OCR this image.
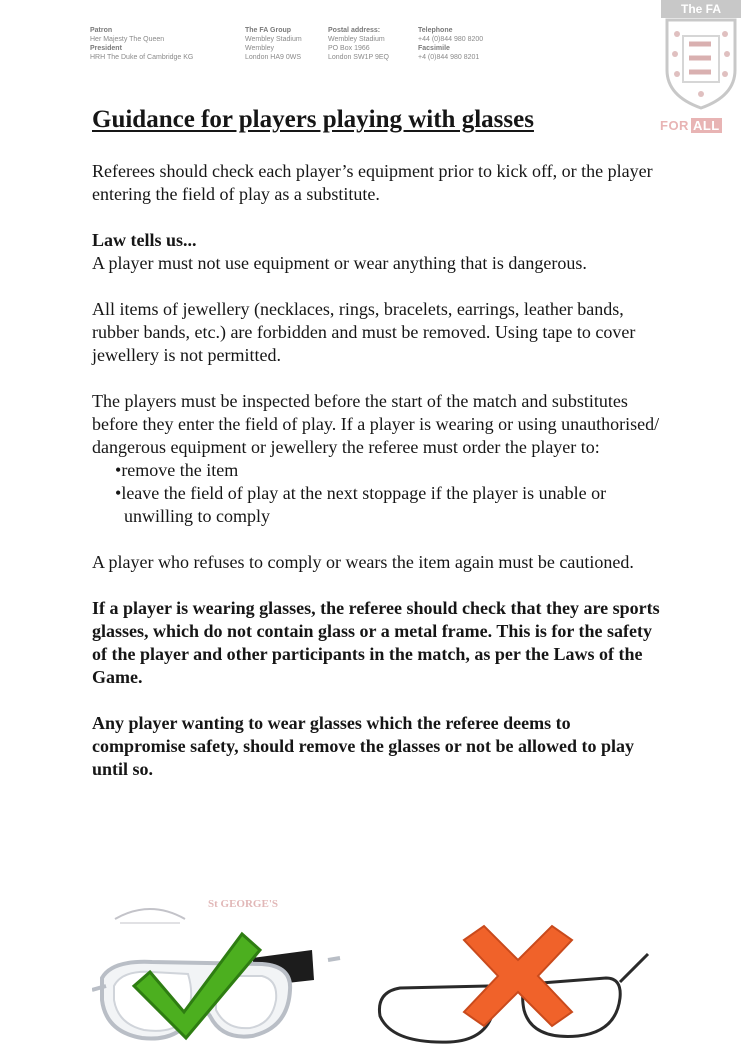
Patron
Her Majesty The Queen
President
HRH The Duke of Cambridge KG
The FA Group
Wembley Stadium
Wembley
London HA9 0WS
Postal address:
Wembley Stadium
PO Box 1966
London SW1P 9EQ
Telephone
+44 (0)844 980 8200
Facsimile
+4 (0)844 980 8201
The FA
FOR ALL
Guidance for players playing with glasses

Referees should check each player’s equipment prior to kick off, or the player entering the field of play as a substitute.

Law tells us...

A player must not use equipment or wear anything that is dangerous.

All items of jewellery (necklaces, rings, bracelets, earrings, leather bands, rubber bands, etc.) are forbidden and must be removed. Using tape to cover jewellery is not permitted.

The players must be inspected before the start of the match and substitutes before they enter the field of play. If a player is wearing or using unauthorised/ dangerous equipment or jewellery the referee must order the player to:

•remove the item
•leave the field of play at the next stoppage if the player is unable or unwilling to comply

A player who refuses to comply or wears the item again must be cautioned.

If a player is wearing glasses, the referee should check that they are sports glasses, which do not contain glass or a metal frame. This is for the safety of the player and other participants in the match, as per the Laws of the Game.

Any player wanting to wear glasses which the referee deems to compromise safety, should remove the glasses or not be allowed to play until so.

St GEORGE'S
